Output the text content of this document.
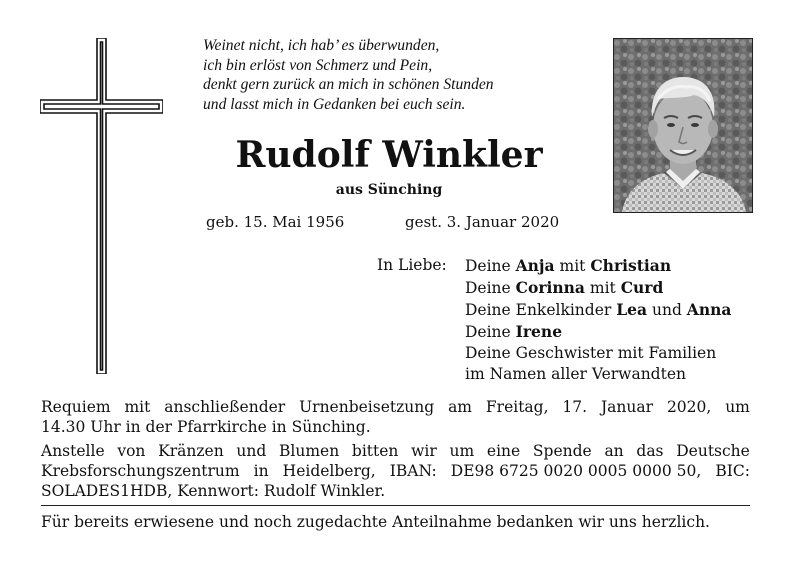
Weinet nicht, ich hab’ es überwunden,
ich bin erlöst von Schmerz und Pein,
denkt gern zurück an mich in schönen Stunden
und lasst mich in Gedanken bei euch sein.
Rudolf Winkler
aus Sünching
geb. 15. Mai 1956	gest. 3. Januar 2020
In Liebe: Deine Anja mit Christian
Deine Corinna mit Curd
Deine Enkelkinder Lea und Anna
Deine Irene
Deine Geschwister mit Familien
im Namen aller Verwandten
Requiem mit anschließender Urnenbeisetzung am Freitag, 17. Januar 2020, um
14.30 Uhr in der Pfarrkirche in Sünching.
Anstelle von Kränzen und Blumen bitten wir um eine Spende an das Deutsche
Krebsforschungszentrum in Heidelberg, IBAN: DE98 6725 0020 0005 0000 50, BIC:
SOLADES1HDB, Kennwort: Rudolf Winkler.
Für bereits erwiesene und noch zugedachte Anteilnahme bedanken wir uns herzlich.
